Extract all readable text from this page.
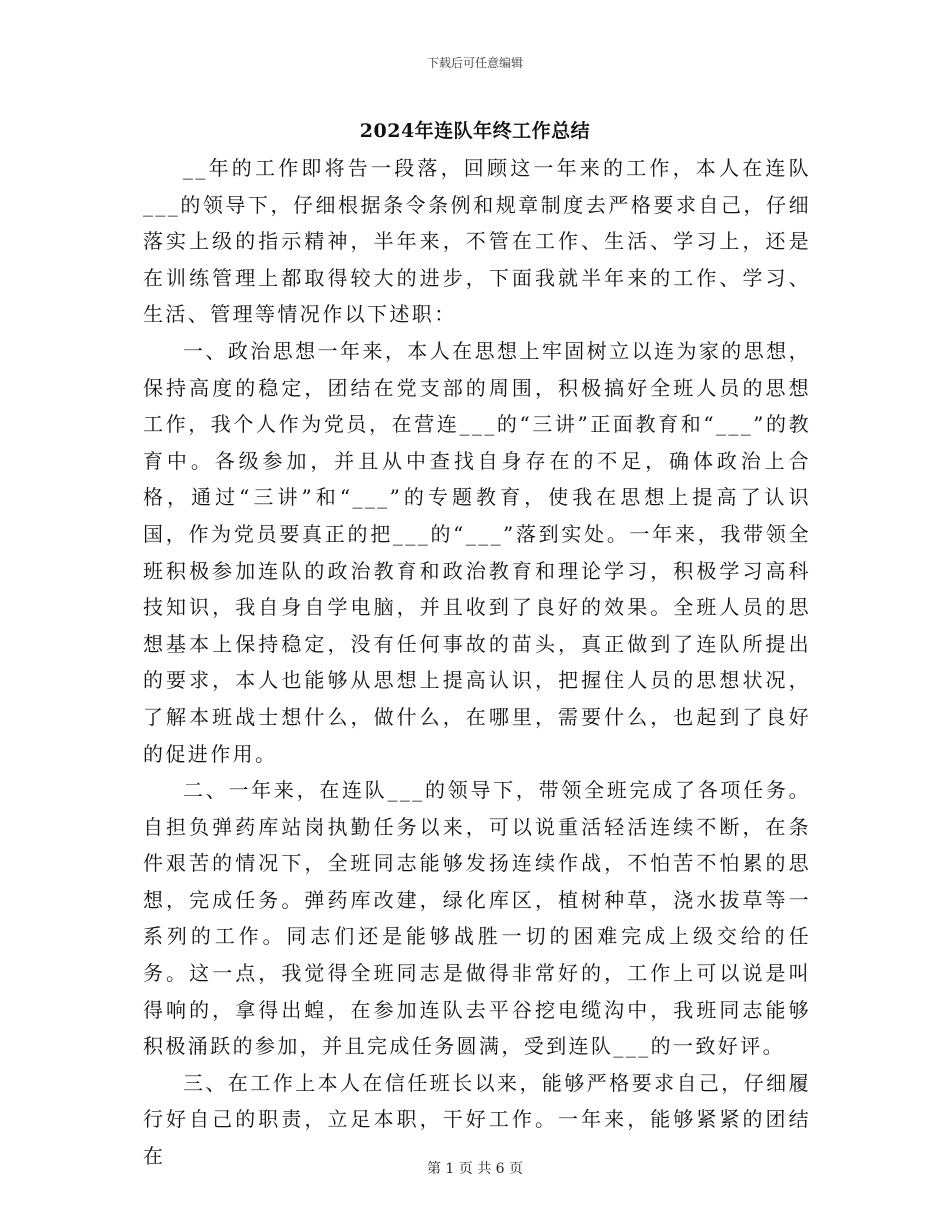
下载后可任意编辑
2024年连队年终工作总结

__年的工作即将告一段落，回顾这一年来的工作，本人在连队___的领导下，仔细根据条令条例和规章制度去严格要求自己，仔细落实上级的指示精神，半年来，不管在工作、生活、学习上，还是在训练管理上都取得较大的进步，下面我就半年来的工作、学习、生活、管理等情况作以下述职：

一、政治思想一年来，本人在思想上牢固树立以连为家的思想，保持高度的稳定，团结在党支部的周围，积极搞好全班人员的思想工作，我个人作为党员，在营连___的“三讲”正面教育和“___”的教育中。各级参加，并且从中查找自身存在的不足，确体政治上合格，通过“三讲”和“___”的专题教育，使我在思想上提高了认识国，作为党员要真正的把___的“___”落到实处。一年来，我带领全班积极参加连队的政治教育和政治教育和理论学习，积极学习高科技知识，我自身自学电脑，并且收到了良好的效果。全班人员的思想基本上保持稳定，没有任何事故的苗头，真正做到了连队所提出的要求，本人也能够从思想上提高认识，把握住人员的思想状况，了解本班战士想什么，做什么，在哪里，需要什么，也起到了良好的促进作用。

二、一年来，在连队___的领导下，带领全班完成了各项任务。自担负弹药库站岗执勤任务以来，可以说重活轻活连续不断，在条件艰苦的情况下，全班同志能够发扬连续作战，不怕苦不怕累的思想，完成任务。弹药库改建，绿化库区，植树种草，浇水拔草等一系列的工作。同志们还是能够战胜一切的困难完成上级交给的任务。这一点，我觉得全班同志是做得非常好的，工作上可以说是叫得响的，拿得出蝗，在参加连队去平谷挖电缆沟中，我班同志能够积极涌跃的参加，并且完成任务圆满，受到连队___的一致好评。

三、在工作上本人在信任班长以来，能够严格要求自己，仔细履行好自己的职责，立足本职，干好工作。一年来，能够紧紧的团结在

第 1 页 共 6 页
